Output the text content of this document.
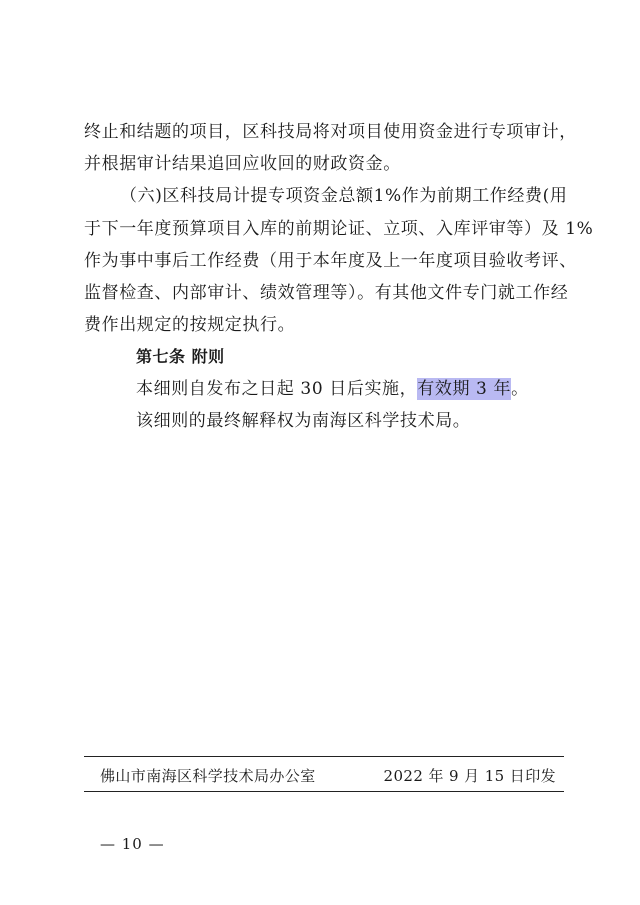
终止和结题的项目，区科技局将对项目使用资金进行专项审计，
并根据审计结果追回应收回的财政资金。
（六)区科技局计提专项资金总额1%作为前期工作经费(用
于下一年度预算项目入库的前期论证、立项、入库评审等）及 1%
作为事中事后工作经费（用于本年度及上一年度项目验收考评、
监督检查、内部审计、绩效管理等）。有其他文件专门就工作经
费作出规定的按规定执行。
第七条 附则
本细则自发布之日起 30 日后实施，有效期 3 年。
该细则的最终解释权为南海区科学技术局。
佛山市南海区科学技术局办公室	2022 年 9 月 15 日印发
— 10 —
